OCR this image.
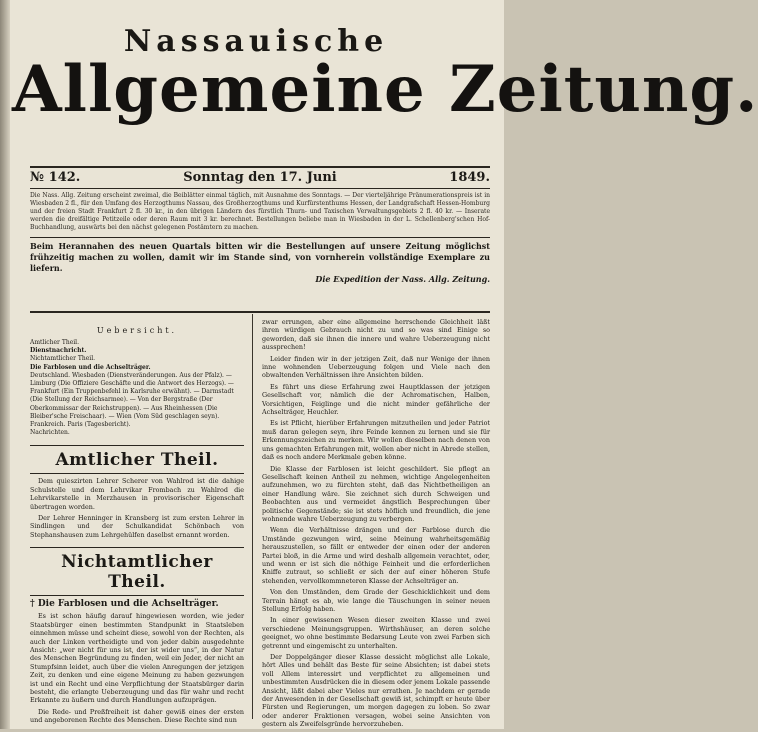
Nassauische
Allgemeine Zeitung.
№ 142.	Sonntag den 17. Juni	1849.
Die Nass. Allg. Zeitung erscheint zweimal, die Beiblätter einmal täglich, mit Ausnahme des Sonntags. — Der vierteljährige Pränumerationspreis ist in Wiesbaden 2 fl., für den Umfang des Herzogthums Nassau, des Großherzogthums und Kurfürstenthums Hessen, der Landgrafschaft Hessen-Homburg und der freien Stadt Frankfurt 2 fl. 30 kr., in den übrigen Ländern des fürstlich Thurn- und Taxischen Verwaltungsgebiets 2 fl. 40 kr. — Inserate werden die dreifältige Petitzeile oder deren Raum mit 3 kr. berechnet. Bestellungen beliebe man in Wiesbaden in der L. Schellenberg'schen Hof-Buchhandlung, auswärts bei den nächst gelegenen Postämtern zu machen.
Beim Herannahen des neuen Quartals bitten wir die Bestellungen auf unsere Zeitung möglichst frühzeitig machen zu wollen, damit wir im Stande sind, von vornherein vollständige Exemplare zu liefern.
Die Expedition der Nass. Allg. Zeitung.
Uebersicht.
Amtlicher Theil.
Dienstnachricht.
Nichtamtlicher Theil.
Die Farblosen und die Achselträger.
Deutschland. Wiesbaden (Dienstveränderungen. Aus der Pfalz). — Limburg (Die Offiziere Geschäfte und die Antwort des Herzogs). — Frankfurt (Ein Truppenbefehl in Karlsruhe erwähnt). — Darmstadt (Die Stellung der Reichsarmee). — Von der Bergstraße (Der Oberkommissar der Reichstruppen). — Aus Rheinhessen (Die Bleiber'sche Freischaar). — Wien (Vom Süd geschlagen seyn).
Frankreich. Paris (Tagesbericht).
Nachrichten.
Amtlicher Theil.

Dem quieszirten Lehrer Scherer von Wahlrod ist die dahige Schulstelle und dem Lehrvikar Frombach zu Wahlrod die Lehrvikarstelle in Merzhausen in provisorischer Eigenschaft übertragen worden.

Der Lehrer Henninger in Kransberg ist zum ersten Lehrer in Sindlingen und der Schulkandidat Schönbach von Stephanshausen zum Lehrgehülfen daselbst ernannt worden.

Nichtamtlicher Theil.
† Die Farblosen und die Achselträger.

Es ist schon häufig darauf hingewiesen worden, wie jeder Staatsbürger einen bestimmten Standpunkt in Staatsleben einnehmen müsse und scheint diese, sowohl von der Rechten, als auch der Linken vertheidigte und von jeder dabin ausgedehnte Ansicht: „wer nicht für uns ist, der ist wider uns“, in der Natur des Menschen Begründung zu finden, weil ein Jeder, der nicht an Stumpfsinn leidet, auch über die vielen Anregungen der jetzigen Zeit, zu denken und eine eigene Meinung zu haben gezwungen ist und ein Recht und eine Verpflichtung der Staatsbürger darin besteht, die erlangte Ueberzeugung und das für wahr und recht Erkannte zu äußern und durch Handlungen aufzuprägen.

Die Rede- und Preßfreiheit ist daher gewiß eines der ersten und angeborenen Rechte des Menschen. Diese Rechte sind nun

zwar errungen, aber eine allgemeine herrschende Gleichheit läßt ihren würdigen Gebrauch nicht zu und so was sind Einige so geworden, daß sie ihnen die innere und wahre Ueberzeugung nicht aussprechen!

Leider finden wir in der jetzigen Zeit, daß nur Wenige der ihnen inne wohnenden Ueberzeugung folgen und Viele nach den obwaltenden Verhältnissen ihre Ansichten bilden.

Es führt uns diese Erfahrung zwei Hauptklassen der jetzigen Gesellschaft vor, nämlich die der Achromatischen, Halben, Vorsichtigen, Feiglinge und die nicht minder gefährliche der Achselträger, Heuchler.

Es ist Pflicht, hierüber Erfahrungen mitzutheilen und jeder Patriot muß daran gelegen seyn, ihre Feinde kennen zu lernen und sie für Erkennungszeichen zu merken. Wir wollen dieselben nach denen von uns gemachten Erfahrungen mit, wollen aber nicht in Abrede stellen, daß es noch andere Merkmale geben könne.

Die Klasse der Farblosen ist leicht geschildert. Sie pflegt an Gesellschaft keinen Antheil zu nehmen, wichtige Angelegenheiten aufzunehmen, wo zu fürchten steht, daß das Nichtbetheiligen an einer Handlung wäre. Sie zeichnet sich durch Schweigen und Beobachten aus und vermeidet ängstlich Besprechungen über politische Gegenstände; sie ist stets höflich und freundlich, die jene wohnende wahre Ueberzeugung zu verbergen.

Wenn die Verhältnisse drängen und der Farblose durch die Umstände gezwungen wird, seine Meinung wahrheitsgemäßig herauszustellen, so fällt er entweder der einen oder der anderen Partei bloß, in die Arme und wird deshalb allgemein verachtet, oder, und wenn er ist sich die nöthige Feinheit und die erforderlichen Kniffe zutraut, so schließt er sich der auf einer höheren Stufe stehenden, vervollkommneteren Klasse der Achselträger an.

Von den Umständen, dem Grade der Geschicklichkeit und dem Terrain hängt es ab, wie lange die Täuschungen in seiner neuen Stellung Erfolg haben.

In einer gewissenen Wesen dieser zweiten Klasse und zwei verschiedene Meinungsgruppen. Wirthshäuser, an deren solche geeignet, wo ohne bestimmte Bedarsung Leute von zwei Farben sich getrennt und eingemischt zu unterhalten.

Der Doppelgänger dieser Klasse dessicht möglichst alle Lokale, hört Alles und behält das Beste für seine Absichten; ist dabei stets voll Allem interessirt und verpflichtet zu allgemeinen und unbestimmten Ausdrücken die in diesem oder jenem Lokale passende Ansicht, läßt dabei aber Vieles nur errathen. Je nachdem er gerade der Anwesenden in der Gesellschaft gewiß ist, schimpft er heute über Fürsten und Regierungen, um morgen dagegen zu loben. So zwar oder anderer Fraktionen versagen, wobei seine Ansichten von gestern als Zweifelsgründe hervorzuheben.
